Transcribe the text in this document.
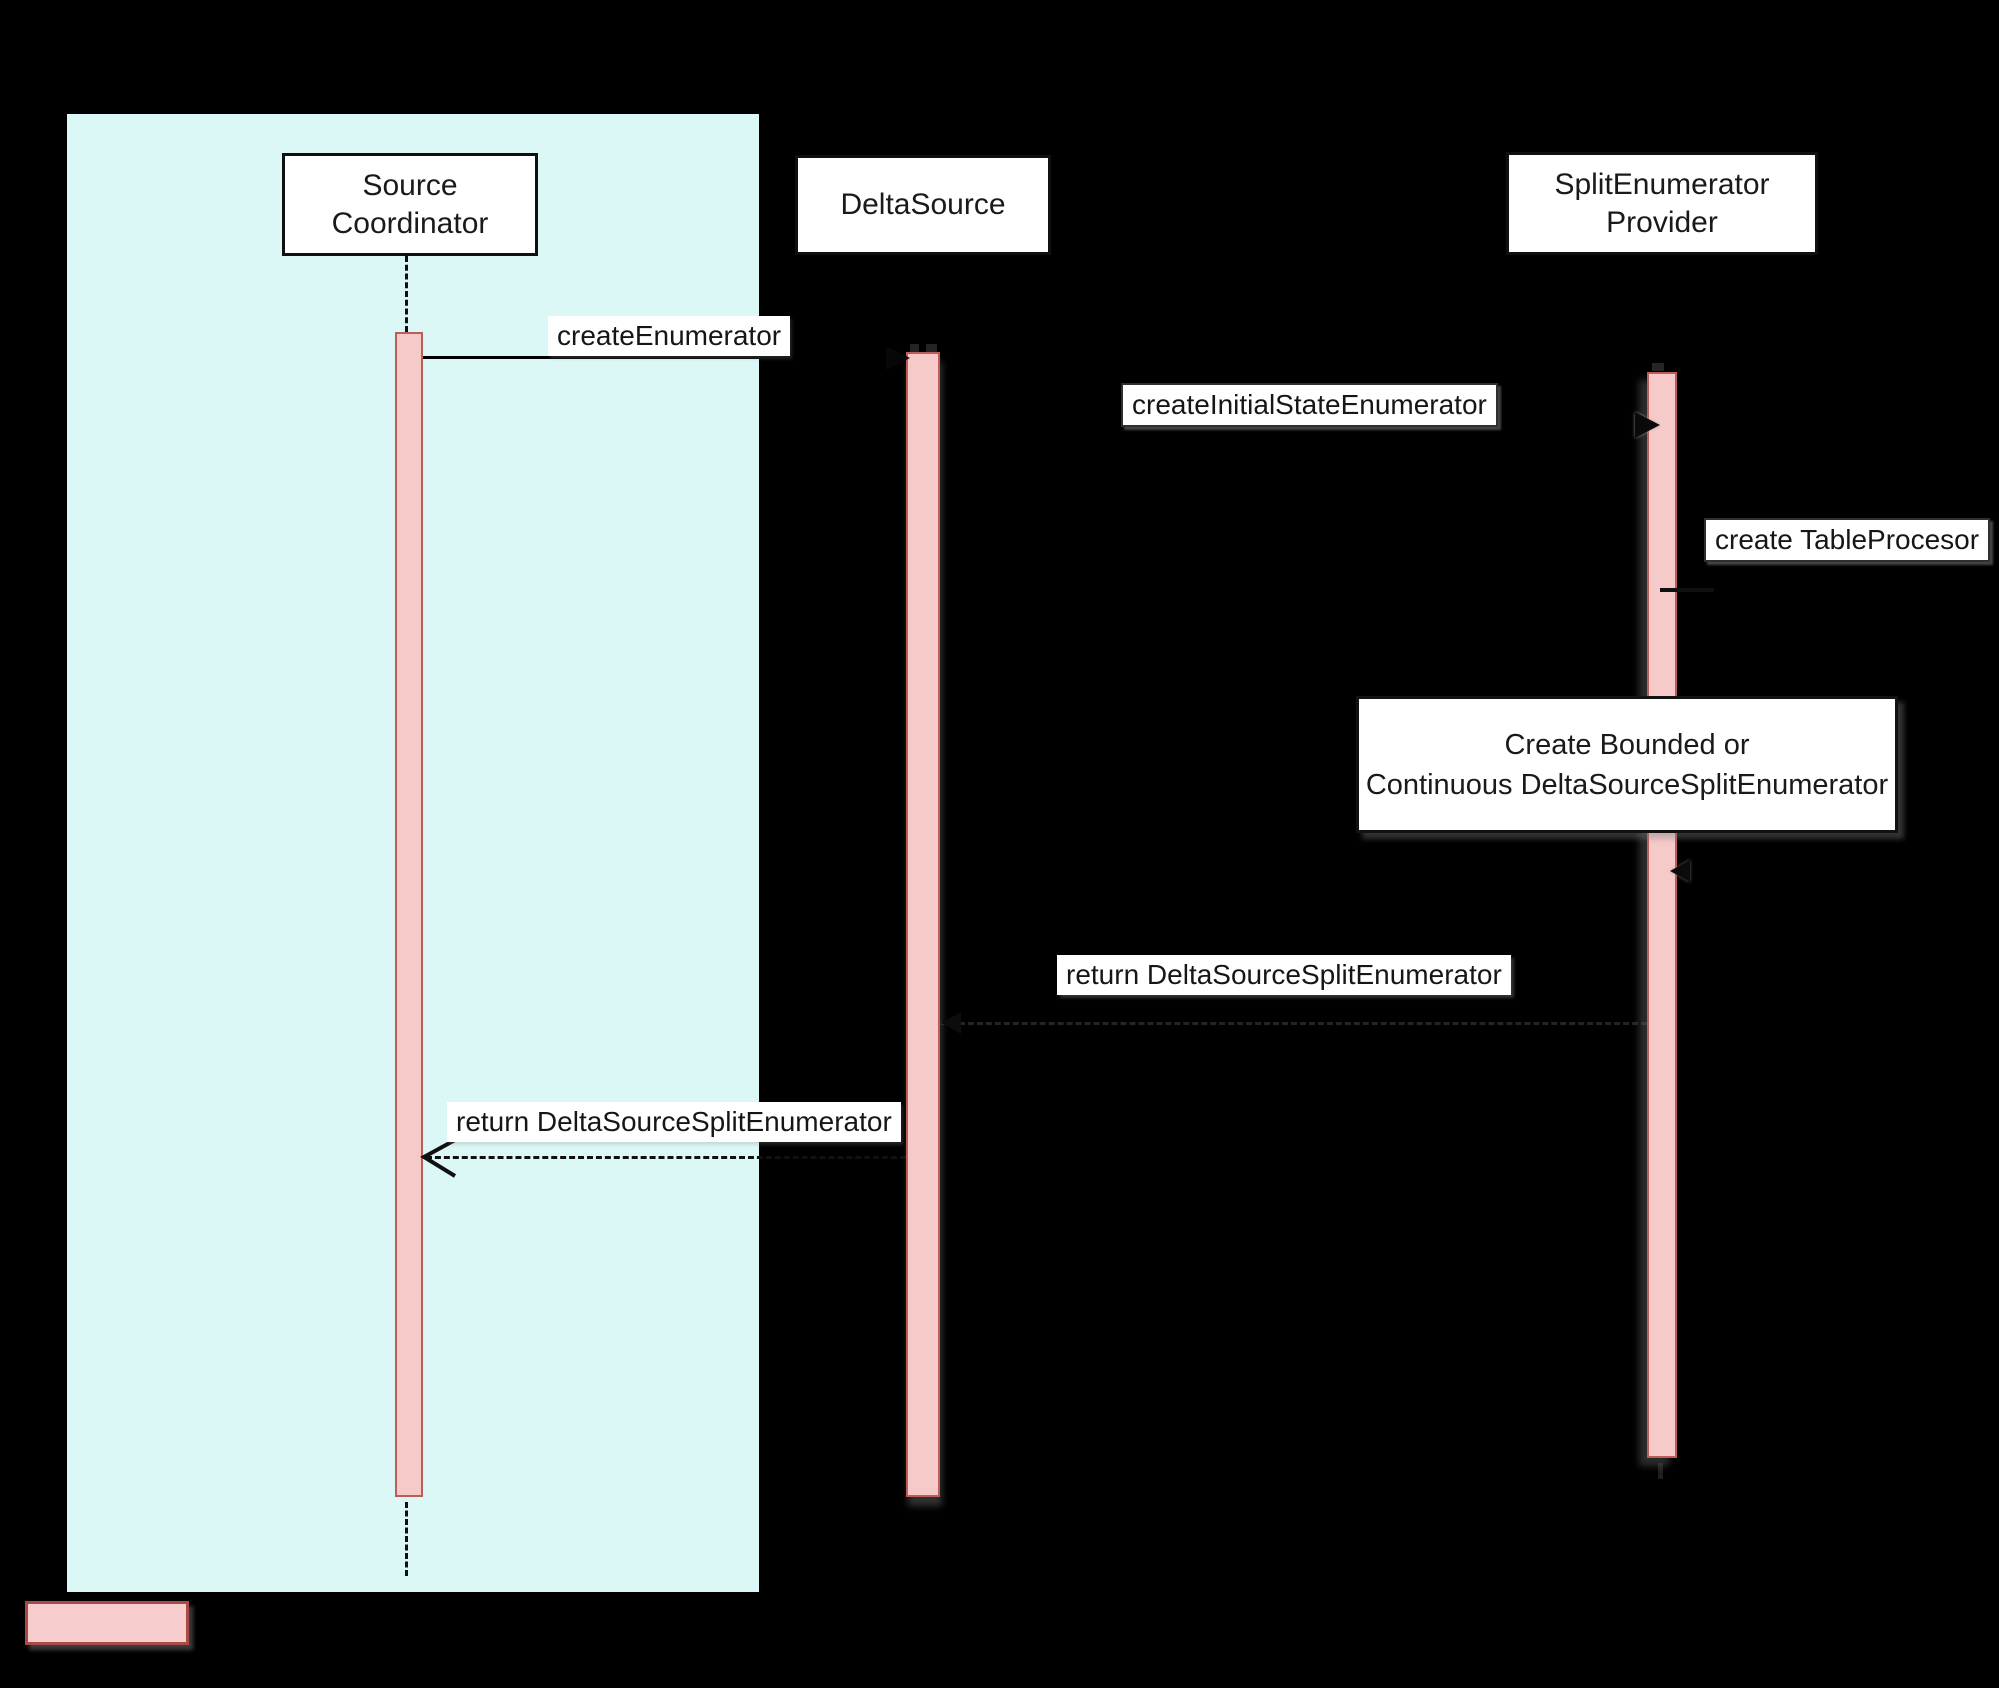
Source
Coordinator
DeltaSource
SplitEnumerator
Provider
createEnumerator
createInitialStateEnumerator
create TableProcesor
Create Bounded or
Continuous DeltaSourceSplitEnumerator
return DeltaSourceSplitEnumerator
return DeltaSourceSplitEnumerator
